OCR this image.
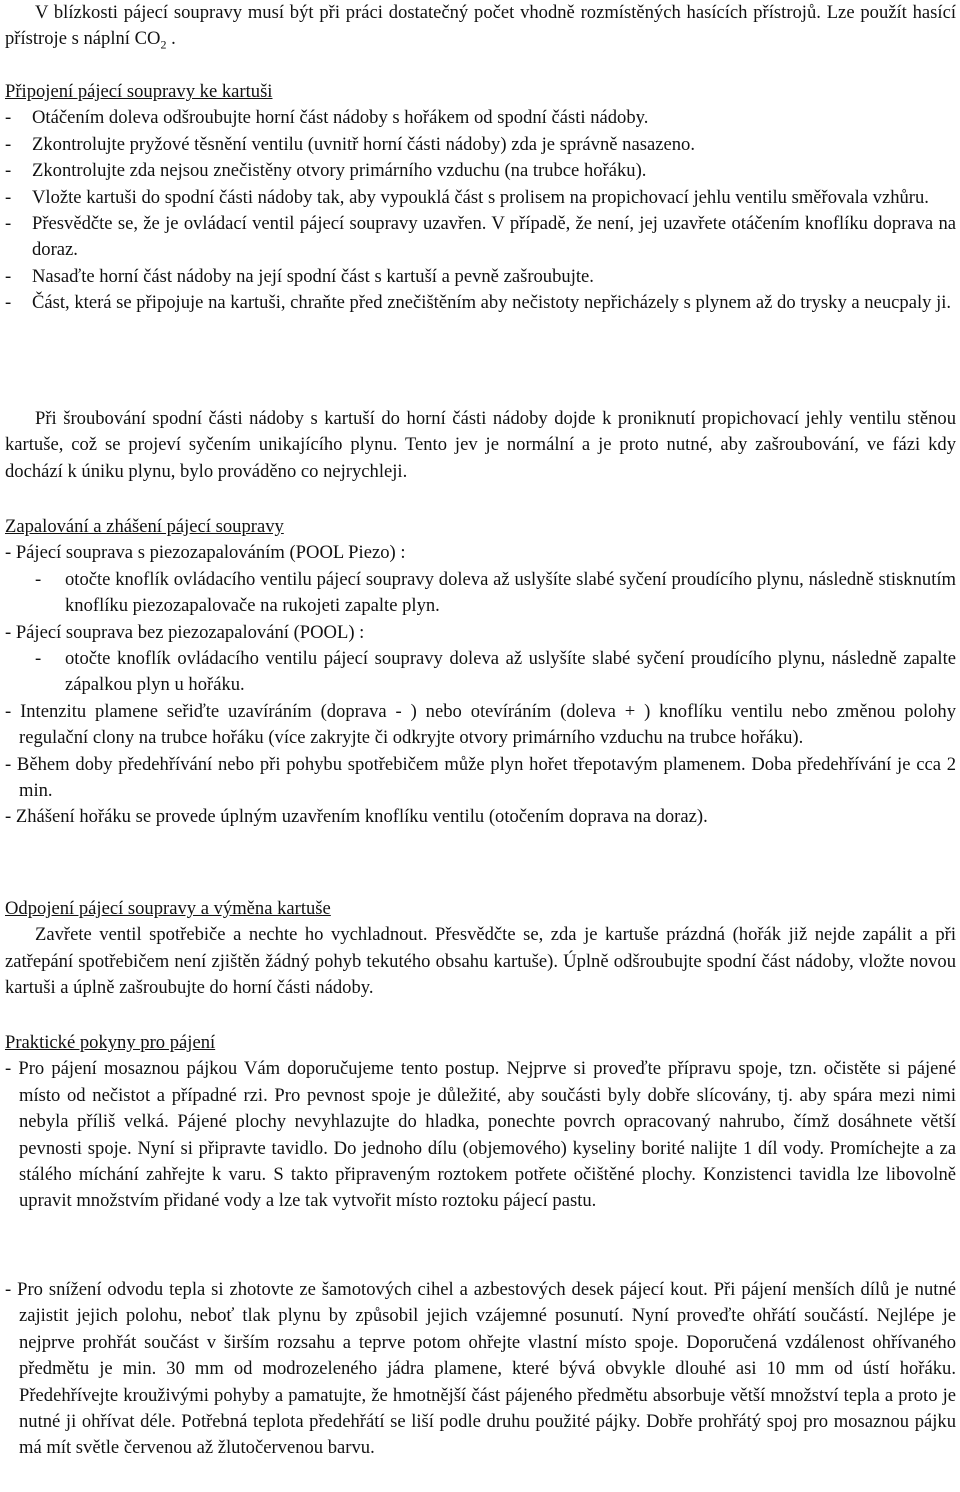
V blízkosti pájecí soupravy musí být při práci dostatečný počet vhodně rozmístěných hasících přístrojů. Lze použít hasící přístroje s náplní $CO_2$ .

Připojení pájecí soupravy ke kartuši

-	Otáčením doleva odšroubujte horní část nádoby s hořákem od spodní části nádoby.
-	Zkontrolujte pryžové těsnění ventilu (uvnitř horní části nádoby) zda je správně nasazeno.
-	Zkontrolujte zda nejsou znečistěny otvory primárního vzduchu (na trubce hořáku).
-	Vložte kartuši do spodní části nádoby tak, aby vypouklá část s prolisem na propichovací jehlu ventilu směřovala vzhůru.
-	Přesvědčte se, že je ovládací ventil pájecí soupravy uzavřen. V případě, že není, jej uzavřete otáčením knoflíku doprava na doraz.
-	Nasaďte horní část nádoby na její spodní část s kartuší a pevně zašroubujte.
-	Část, která se připojuje na kartuši, chraňte před znečištěním aby nečistoty nepřicházely s plynem až do trysky a neucpaly ji.

Při šroubování spodní části nádoby s kartuší do horní části nádoby dojde k proniknutí propichovací jehly ventilu stěnou kartuše, což se projeví syčením unikajícího plynu. Tento jev je normální a je proto nutné, aby zašroubování, ve fázi kdy dochází k úniku plynu, bylo prováděno co nejrychleji.

Zapalování a zhášení pájecí soupravy

- Pájecí souprava s piezozapalováním (POOL Piezo) :

-	otočte knoflík ovládacího ventilu pájecí soupravy doleva až uslyšíte slabé syčení proudícího plynu, následně stisknutím knoflíku piezozapalovače na rukojeti zapalte plyn.

- Pájecí souprava bez piezozapalování (POOL) :

-	otočte knoflík ovládacího ventilu pájecí soupravy doleva až uslyšíte slabé syčení proudícího plynu, následně zapalte zápalkou plyn u hořáku.

- Intenzitu plamene seřiďte uzavíráním (doprava - ) nebo otevíráním (doleva + ) knoflíku ventilu nebo změnou polohy regulační clony na trubce hořáku (více zakryjte či odkryjte otvory primárního vzduchu na trubce hořáku).

- Během doby předehřívání nebo při pohybu spotřebičem může plyn hořet třepotavým plamenem. Doba předehřívání je cca 2 min.

- Zhášení hořáku se provede úplným uzavřením knoflíku ventilu (otočením doprava na doraz).

Odpojení pájecí soupravy a výměna kartuše

Zavřete ventil spotřebiče a nechte ho vychladnout. Přesvědčte se, zda je kartuše prázdná (hořák již nejde zapálit a při zatřepání spotřebičem není zjištěn žádný pohyb tekutého obsahu kartuše). Úplně odšroubujte spodní část nádoby, vložte novou kartuši a úplně zašroubujte do horní části nádoby.

Praktické pokyny pro pájení

- Pro pájení mosaznou pájkou Vám doporučujeme tento postup. Nejprve si proveďte přípravu spoje, tzn. očistěte si pájené místo od nečistot a případné rzi. Pro pevnost spoje je důležité, aby součásti byly dobře slícovány, tj. aby spára mezi nimi nebyla příliš velká. Pájené plochy nevyhlazujte do hladka, ponechte povrch opracovaný nahrubo, čímž dosáhnete větší pevnosti spoje. Nyní si připravte tavidlo. Do jednoho dílu (objemového) kyseliny borité nalijte 1 díl vody. Promíchejte a za stálého míchání zahřejte k varu. S takto připraveným roztokem potřete očištěné plochy. Konzistenci tavidla lze libovolně upravit množstvím přidané vody a lze tak vytvořit místo roztoku pájecí pastu.

- Pro snížení odvodu tepla si zhotovte ze šamotových cihel a azbestových desek pájecí kout. Při pájení menších dílů je nutné zajistit jejich polohu, neboť tlak plynu by způsobil jejich vzájemné posunutí. Nyní proveďte ohřátí součástí. Nejlépe je nejprve prohřát součást v širším rozsahu a teprve potom ohřejte vlastní místo spoje. Doporučená vzdálenost ohřívaného předmětu je min. 30 mm od modrozeleného jádra plamene, které bývá obvykle dlouhé asi 10 mm od ústí hořáku. Předehřívejte krouživými pohyby a pamatujte, že hmotnější část pájeného předmětu absorbuje větší množství tepla a proto je nutné ji ohřívat déle. Potřebná teplota předehřátí se liší podle druhu použité pájky. Dobře prohřátý spoj pro mosaznou pájku má mít světle červenou až žlutočervenou barvu.
